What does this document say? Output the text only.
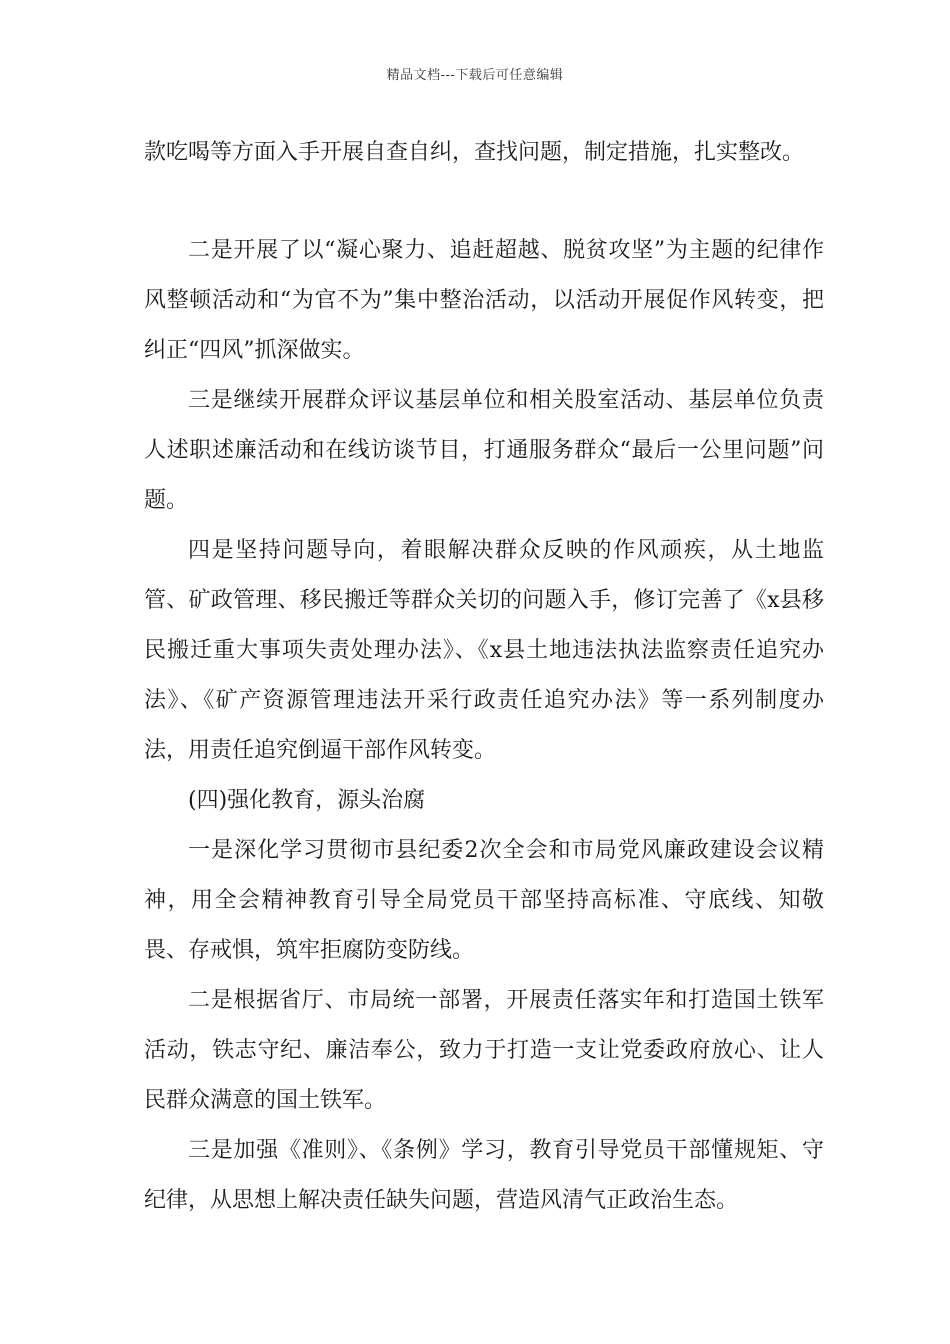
精品文档---下载后可任意编辑

款吃喝等方面入手开展自查自纠，查找问题，制定措施，扎实整改。

二是开展了以“凝心聚力、追赶超越、脱贫攻坚”为主题的纪律作风整顿活动和“为官不为”集中整治活动，以活动开展促作风转变，把纠正“四风”抓深做实。

三是继续开展群众评议基层单位和相关股室活动、基层单位负责人述职述廉活动和在线访谈节目，打通服务群众“最后一公里问题”问题。

四是坚持问题导向，着眼解决群众反映的作风顽疾，从土地监管、矿政管理、移民搬迁等群众关切的问题入手，修订完善了《x县移民搬迁重大事项失责处理办法》、《x县土地违法执法监察责任追究办法》、《矿产资源管理违法开采行政责任追究办法》等一系列制度办法，用责任追究倒逼干部作风转变。

(四)强化教育，源头治腐

一是深化学习贯彻市县纪委2次全会和市局党风廉政建设会议精神，用全会精神教育引导全局党员干部坚持高标准、守底线、知敬畏、存戒惧，筑牢拒腐防变防线。

二是根据省厅、市局统一部署，开展责任落实年和打造国土铁军活动，铁志守纪、廉洁奉公，致力于打造一支让党委政府放心、让人民群众满意的国土铁军。

三是加强《准则》、《条例》学习，教育引导党员干部懂规矩、守纪律，从思想上解决责任缺失问题，营造风清气正政治生态。
